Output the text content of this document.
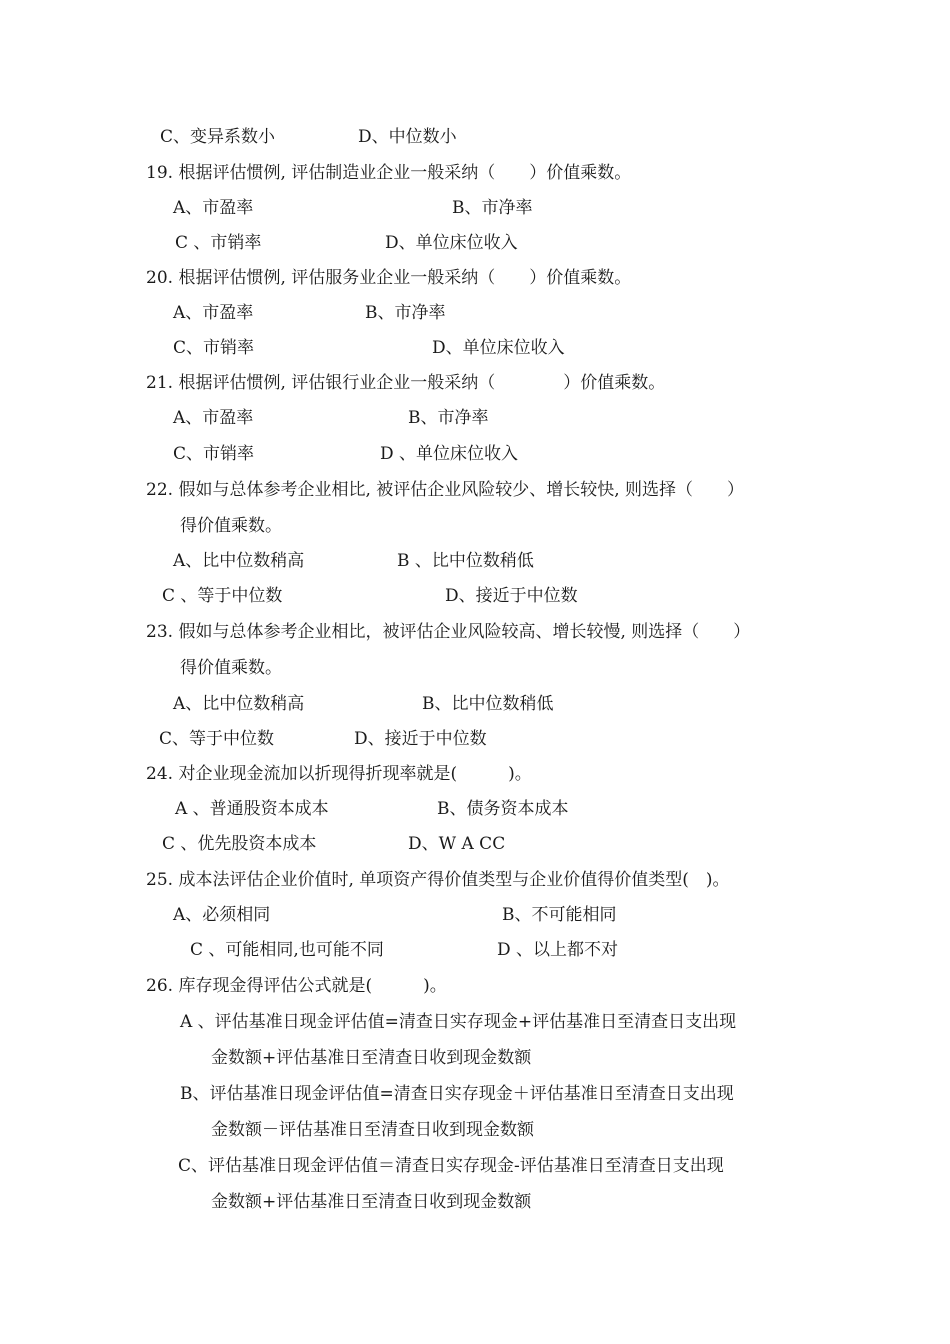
C、变异系数小	D、中位数小
19. 根据评估惯例, 评估制造业企业一般采纳（　　）价值乘数。
A、市盈率	B、市净率
C 、市销率	D、单位床位收入
20. 根据评估惯例, 评估服务业企业一般采纳（　　）价值乘数。
A、市盈率	B、市净率
C、市销率	D、单位床位收入
21. 根据评估惯例, 评估银行业企业一般采纳（　　　　）价值乘数。
A、市盈率	B、市净率
C、市销率	D 、单位床位收入
22. 假如与总体参考企业相比, 被评估企业风险较少、增长较快, 则选择（　　）
得价值乘数。
A、比中位数稍高	B 、比中位数稍低
C 、等于中位数	D、接近于中位数
23. 假如与总体参考企业相比，被评估企业风险较高、增长较慢, 则选择（　　）
得价值乘数。
A、比中位数稍高	B、比中位数稍低
C、等于中位数	D、接近于中位数
24. 对企业现金流加以折现得折现率就是(　　　)。
A 、普通股资本成本	B、债务资本成本
C 、优先股资本成本	D、W A CC
25. 成本法评估企业价值时, 单项资产得价值类型与企业价值得价值类型(　)。
A、必须相同	B、不可能相同
C 、可能相同,也可能不同	D 、以上都不对
26. 库存现金得评估公式就是(　　　)。
A 、评估基准日现金评估值=清查日实存现金+评估基准日至清查日支出现
金数额+评估基准日至清查日收到现金数额
B、评估基准日现金评估值=清查日实存现金＋评估基准日至清查日支出现
金数额－评估基准日至清查日收到现金数额
C、评估基准日现金评估值＝清查日实存现金-评估基准日至清查日支出现
金数额+评估基准日至清查日收到现金数额
